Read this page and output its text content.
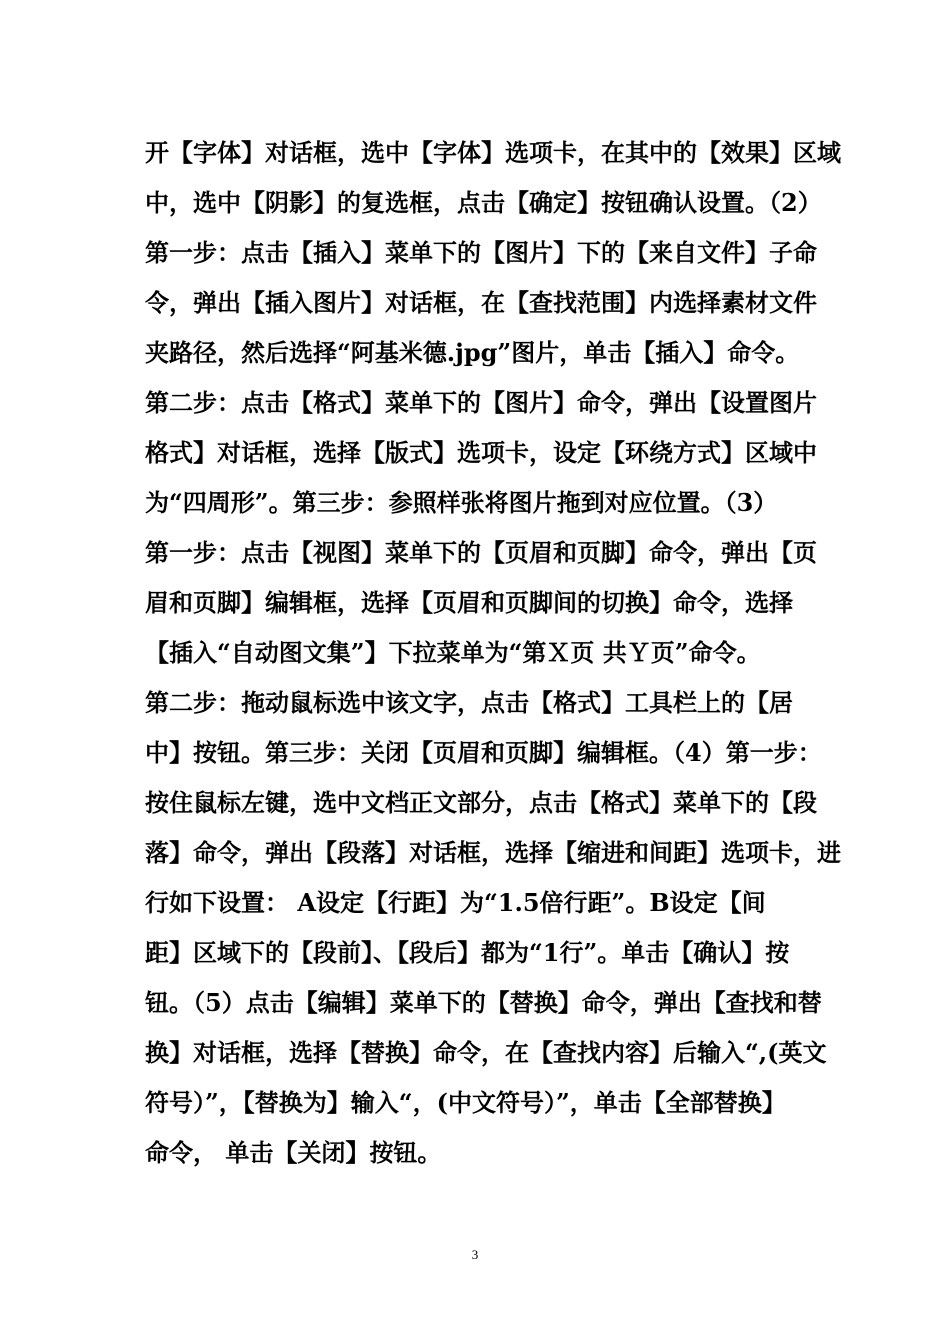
开【字体】对话框，选中【字体】选项卡，在其中的【效果】区域
中，选中【阴影】的复选框，点击【确定】按钮确认设置。（2）
第一步：点击【插入】菜单下的【图片】下的【来自文件】子命
令，弹出【插入图片】对话框，在【查找范围】内选择素材文件
夹路径，然后选择“阿基米德.jpg”图片，单击【插入】命令。
第二步：点击【格式】菜单下的【图片】命令，弹出【设置图片
格式】对话框，选择【版式】选项卡，设定【环绕方式】区域中
为“四周形”。第三步：参照样张将图片拖到对应位置。（3）
第一步：点击【视图】菜单下的【页眉和页脚】命令，弹出【页
眉和页脚】编辑框，选择【页眉和页脚间的切换】命令，选择
【插入“自动图文集”】下拉菜单为“第Ｘ页 共Ｙ页”命令。
第二步：拖动鼠标选中该文字，点击【格式】工具栏上的【居
中】按钮。第三步：关闭【页眉和页脚】编辑框。（4）第一步：
按住鼠标左键，选中文档正文部分，点击【格式】菜单下的【段
落】命令，弹出【段落】对话框，选择【缩进和间距】选项卡，进
行如下设置： A设定【行距】为“1.5倍行距”。B设定【间
距】区域下的【段前】、【段后】都为“1行”。单击【确认】按
钮。（5）点击【编辑】菜单下的【替换】命令，弹出【查找和替
换】对话框，选择【替换】命令，在【查找内容】后输入“,(英文
符号）”，【替换为】输入“，(中文符号）”，单击【全部替换】
命令， 单击【关闭】按钮。
3
